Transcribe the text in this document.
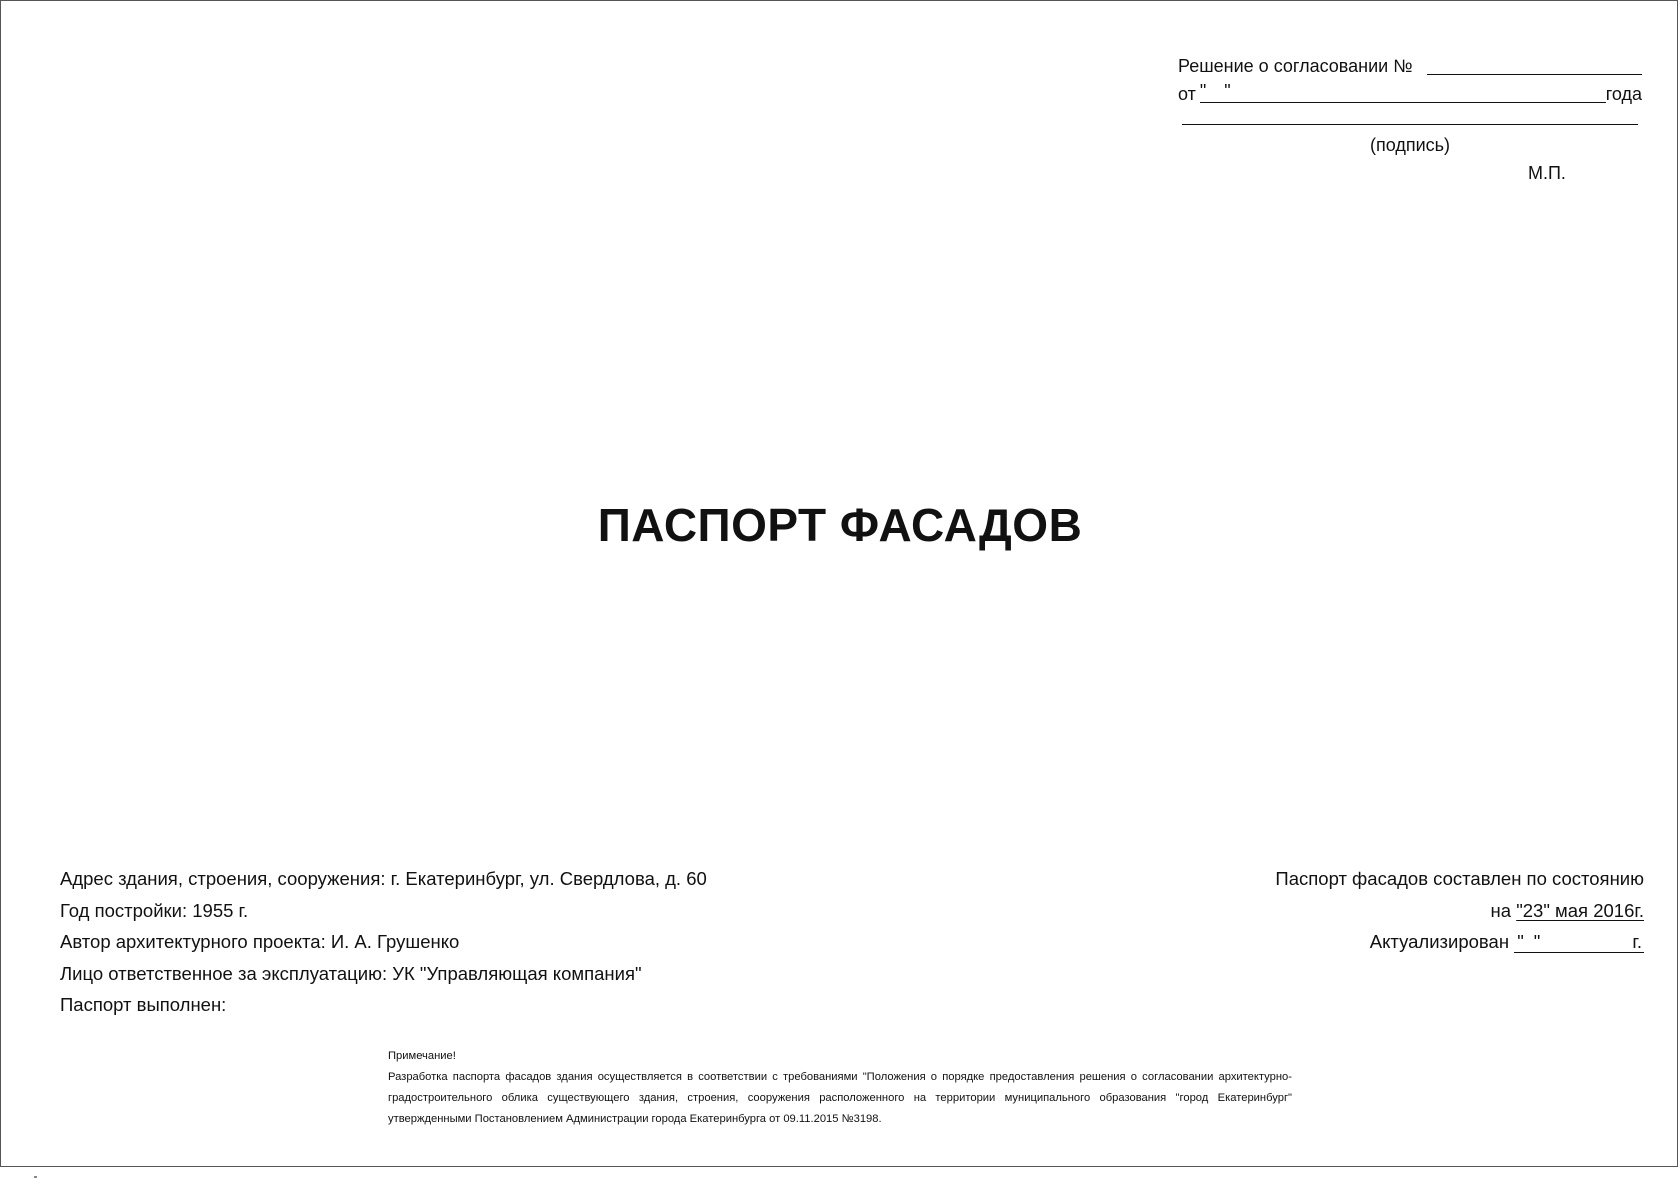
Решение о согласовании №
от " "	года
(подпись)
М.П.
ПАСПОРТ ФАСАДОВ
Адрес здания, строения, сооружения: г. Екатеринбург, ул. Свердлова, д. 60
Год постройки: 1955 г.
Автор архитектурного проекта: И. А. Грушенко
Лицо ответственное за эксплуатацию: УК "Управляющая компания"
Паспорт выполнен:
Паспорт фасадов составлен по состоянию
на "23" мая 2016г.
Актуализирован " "	г.
Примечание!
Разработка паспорта фасадов здания осуществляется в соответствии с требованиями "Положения о порядке предоставления решения о согласовании архитектурно-градостроительного облика существующего здания, строения, сооружения расположенного на территории муниципального образования "город Екатеринбург" утвержденными Постановлением Администрации города Екатеринбурга от 09.11.2015 №3198.
